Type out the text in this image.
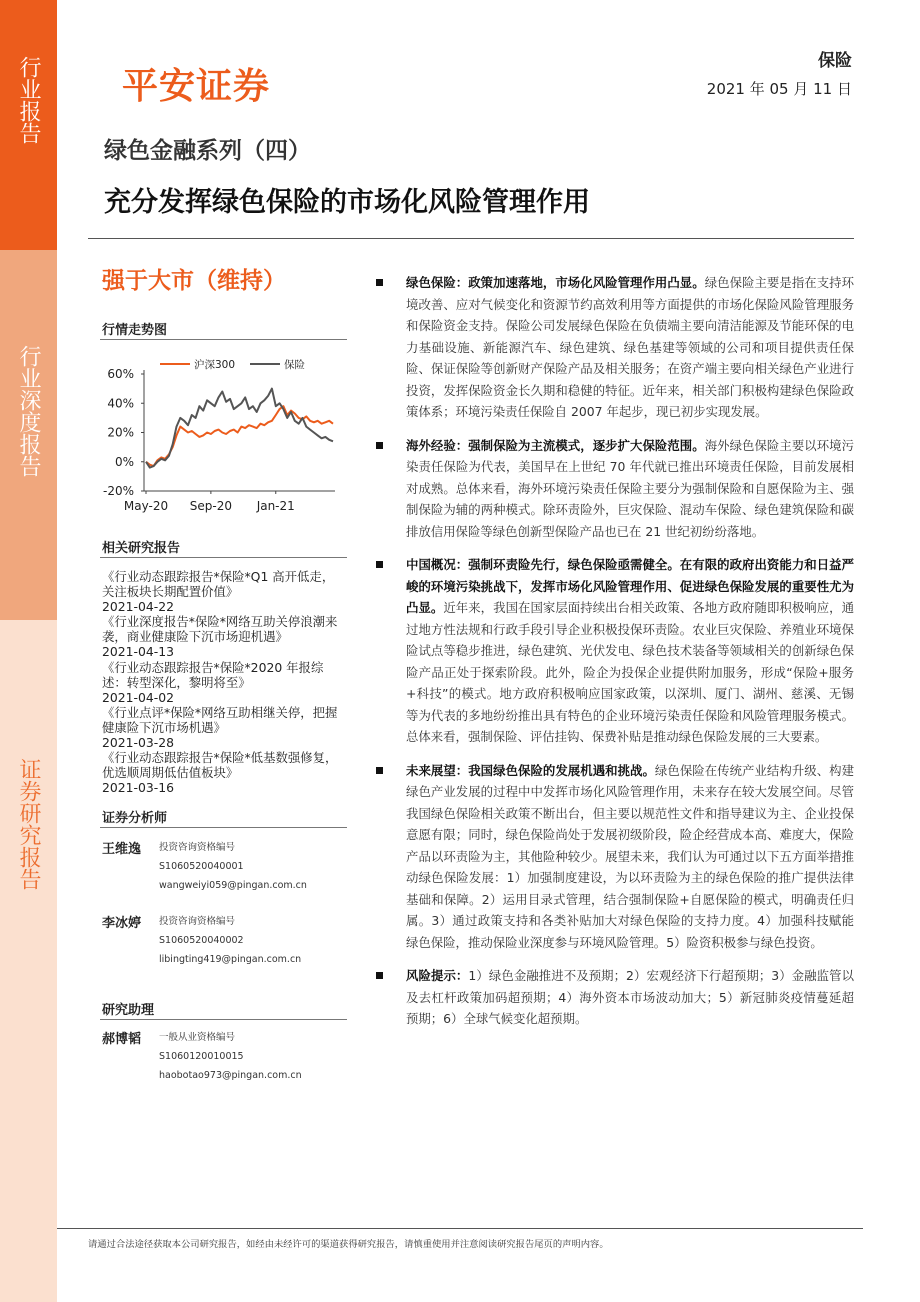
行业报告
行业深度报告
证券研究报告
平安证券
保险
2021 年 05 月 11 日
绿色金融系列（四）
充分发挥绿色保险的市场化风险管理作用
强于大市（维持）
行情走势图
沪深300	保险
60%
40%
20%
0%
-20%
May-20 Sep-20 Jan-21
相关研究报告
《行业动态跟踪报告*保险*Q1 高开低走，关注板块长期配置价值》
2021-04-22
《行业深度报告*保险*网络互助关停浪潮来袭，商业健康险下沉市场迎机遇》
2021-04-13
《行业动态跟踪报告*保险*2020 年报综述：转型深化，黎明将至》
2021-04-02
《行业点评*保险*网络互助相继关停，把握健康险下沉市场机遇》
2021-03-28
《行业动态跟踪报告*保险*低基数强修复，优选顺周期低估值板块》
2021-03-16
证券分析师
王维逸 投资咨询资格编号
S1060520040001
wangweiyi059@pingan.com.cn
李冰婷 投资咨询资格编号
S1060520040002
libingting419@pingan.com.cn
研究助理
郝博韬 一般从业资格编号
S1060120010015
haobotao973@pingan.com.cn
绿色保险：政策加速落地，市场化风险管理作用凸显。绿色保险主要是指在支持环境改善、应对气候变化和资源节约高效利用等方面提供的市场化保险风险管理服务和保险资金支持。保险公司发展绿色保险在负债端主要向清洁能源及节能环保的电力基础设施、新能源汽车、绿色建筑、绿色基建等领域的公司和项目提供责任保险、保证保险等创新财产保险产品及相关服务；在资产端主要向相关绿色产业进行投资，发挥保险资金长久期和稳健的特征。近年来，相关部门积极构建绿色保险政策体系；环境污染责任保险自 2007 年起步，现已初步实现发展。
海外经验：强制保险为主流模式，逐步扩大保险范围。海外绿色保险主要以环境污染责任保险为代表，美国早在上世纪 70 年代就已推出环境责任保险，目前发展相对成熟。总体来看，海外环境污染责任保险主要分为强制保险和自愿保险为主、强制保险为辅的两种模式。除环责险外，巨灾保险、混动车保险、绿色建筑保险和碳排放信用保险等绿色创新型保险产品也已在 21 世纪初纷纷落地。
中国概况：强制环责险先行，绿色保险亟需健全。在有限的政府出资能力和日益严峻的环境污染挑战下，发挥市场化风险管理作用、促进绿色保险发展的重要性尤为凸显。近年来，我国在国家层面持续出台相关政策、各地方政府随即积极响应，通过地方性法规和行政手段引导企业积极投保环责险。农业巨灾保险、养殖业环境保险试点等稳步推进，绿色建筑、光伏发电、绿色技术装备等领域相关的创新绿色保险产品正处于探索阶段。此外，险企为投保企业提供附加服务，形成“保险+服务+科技”的模式。地方政府积极响应国家政策，以深圳、厦门、湖州、慈溪、无锡等为代表的多地纷纷推出具有特色的企业环境污染责任保险和风险管理服务模式。总体来看，强制保险、评估挂钩、保费补贴是推动绿色保险发展的三大要素。
未来展望：我国绿色保险的发展机遇和挑战。绿色保险在传统产业结构升级、构建绿色产业发展的过程中中发挥市场化风险管理作用，未来存在较大发展空间。尽管我国绿色保险相关政策不断出台，但主要以规范性文件和指导建议为主、企业投保意愿有限；同时，绿色保险尚处于发展初级阶段，险企经营成本高、难度大，保险产品以环责险为主，其他险种较少。展望未来，我们认为可通过以下五方面举措推动绿色保险发展：1）加强制度建设，为以环责险为主的绿色保险的推广提供法律基础和保障。2）运用目录式管理，结合强制保险+自愿保险的模式，明确责任归属。3）通过政策支持和各类补贴加大对绿色保险的支持力度。4）加强科技赋能绿色保险，推动保险业深度参与环境风险管理。5）险资积极参与绿色投资。
风险提示：1）绿色金融推进不及预期；2）宏观经济下行超预期；3）金融监管以及去杠杆政策加码超预期；4）海外资本市场波动加大；5）新冠肺炎疫情蔓延超预期；6）全球气候变化超预期。
请通过合法途径获取本公司研究报告，如经由未经许可的渠道获得研究报告，请慎重使用并注意阅读研究报告尾页的声明内容。
